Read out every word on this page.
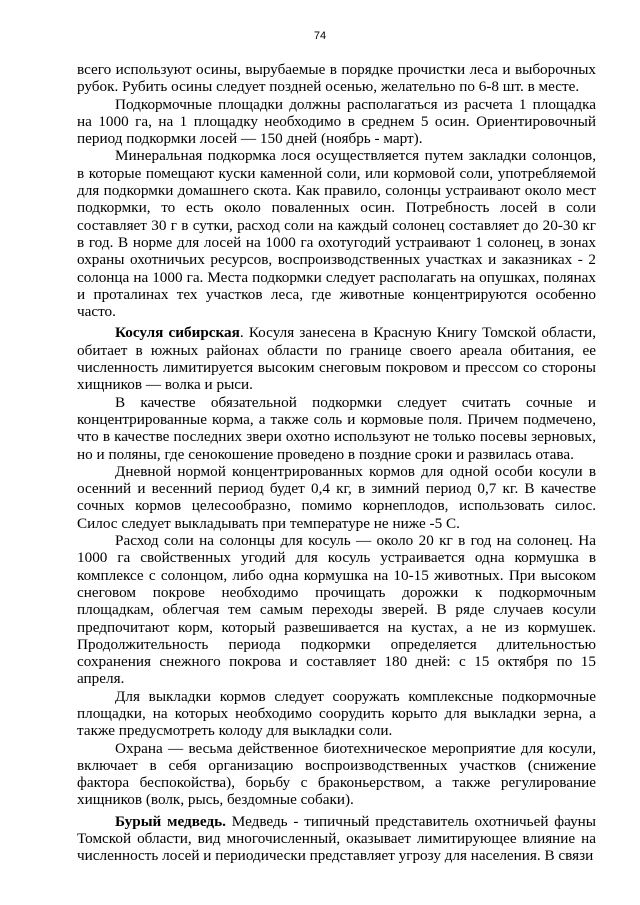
74

всего используют осины, вырубаемые в порядке прочистки леса и выборочных рубок. Рубить осины следует поздней осенью, желательно по 6-8 шт. в месте.

Подкормочные площадки должны располагаться из расчета 1 площадка на 1000 га, на 1 площадку необходимо в среднем 5 осин. Ориентировочный период подкормки лосей — 150 дней (ноябрь - март).

Минеральная подкормка лося осуществляется путем закладки солонцов, в которые помещают куски каменной соли, или кормовой соли, употребляемой для подкормки домашнего скота. Как правило, солонцы устраивают около мест подкормки, то есть около поваленных осин. Потребность лосей в соли составляет 30 г в сутки, расход соли на каждый солонец составляет до 20-30 кг в год. В норме для лосей на 1000 га охотугодий устраивают 1 солонец, в зонах охраны охотничьих ресурсов, воспроизводственных участках и заказниках - 2 солонца на 1000 га. Места подкормки следует располагать на опушках, полянах и проталинах тех участков леса, где животные концентрируются особенно часто.

Косуля сибирская. Косуля занесена в Красную Книгу Томской области, обитает в южных районах области по границе своего ареала обитания, ее численность лимитируется высоким снеговым покровом и прессом со стороны хищников — волка и рыси.

В качестве обязательной подкормки следует считать сочные и концентрированные корма, а также соль и кормовые поля. Причем подмечено, что в качестве последних звери охотно используют не только посевы зерновых, но и поляны, где сенокошение проведено в поздние сроки и развилась отава.

Дневной нормой концентрированных кормов для одной особи косули в осенний и весенний период будет 0,4 кг, в зимний период 0,7 кг. В качестве сочных кормов целесообразно, помимо корнеплодов, использовать силос. Силос следует выкладывать при температуре не ниже -5 С.

Расход соли на солонцы для косуль — около 20 кг в год на солонец. На 1000 га свойственных угодий для косуль устраивается одна кормушка в комплексе с солонцом, либо одна кормушка на 10-15 животных. При высоком снеговом покрове необходимо прочищать дорожки к подкормочным площадкам, облегчая тем самым переходы зверей. В ряде случаев косули предпочитают корм, который развешивается на кустах, а не из кормушек. Продолжительность периода подкормки определяется длительностью сохранения снежного покрова и составляет 180 дней: с 15 октября по 15 апреля.

Для выкладки кормов следует сооружать комплексные подкормочные площадки, на которых необходимо соорудить корыто для выкладки зерна, а также предусмотреть колоду для выкладки соли.

Охрана — весьма действенное биотехническое мероприятие для косули, включает в себя организацию воспроизводственных участков (снижение фактора беспокойства), борьбу с браконьерством, а также регулирование хищников (волк, рысь, бездомные собаки).

Бурый медведь. Медведь - типичный представитель охотничьей фауны Томской области, вид многочисленный, оказывает лимитирующее влияние на численность лосей и периодически представляет угрозу для населения. В связи
